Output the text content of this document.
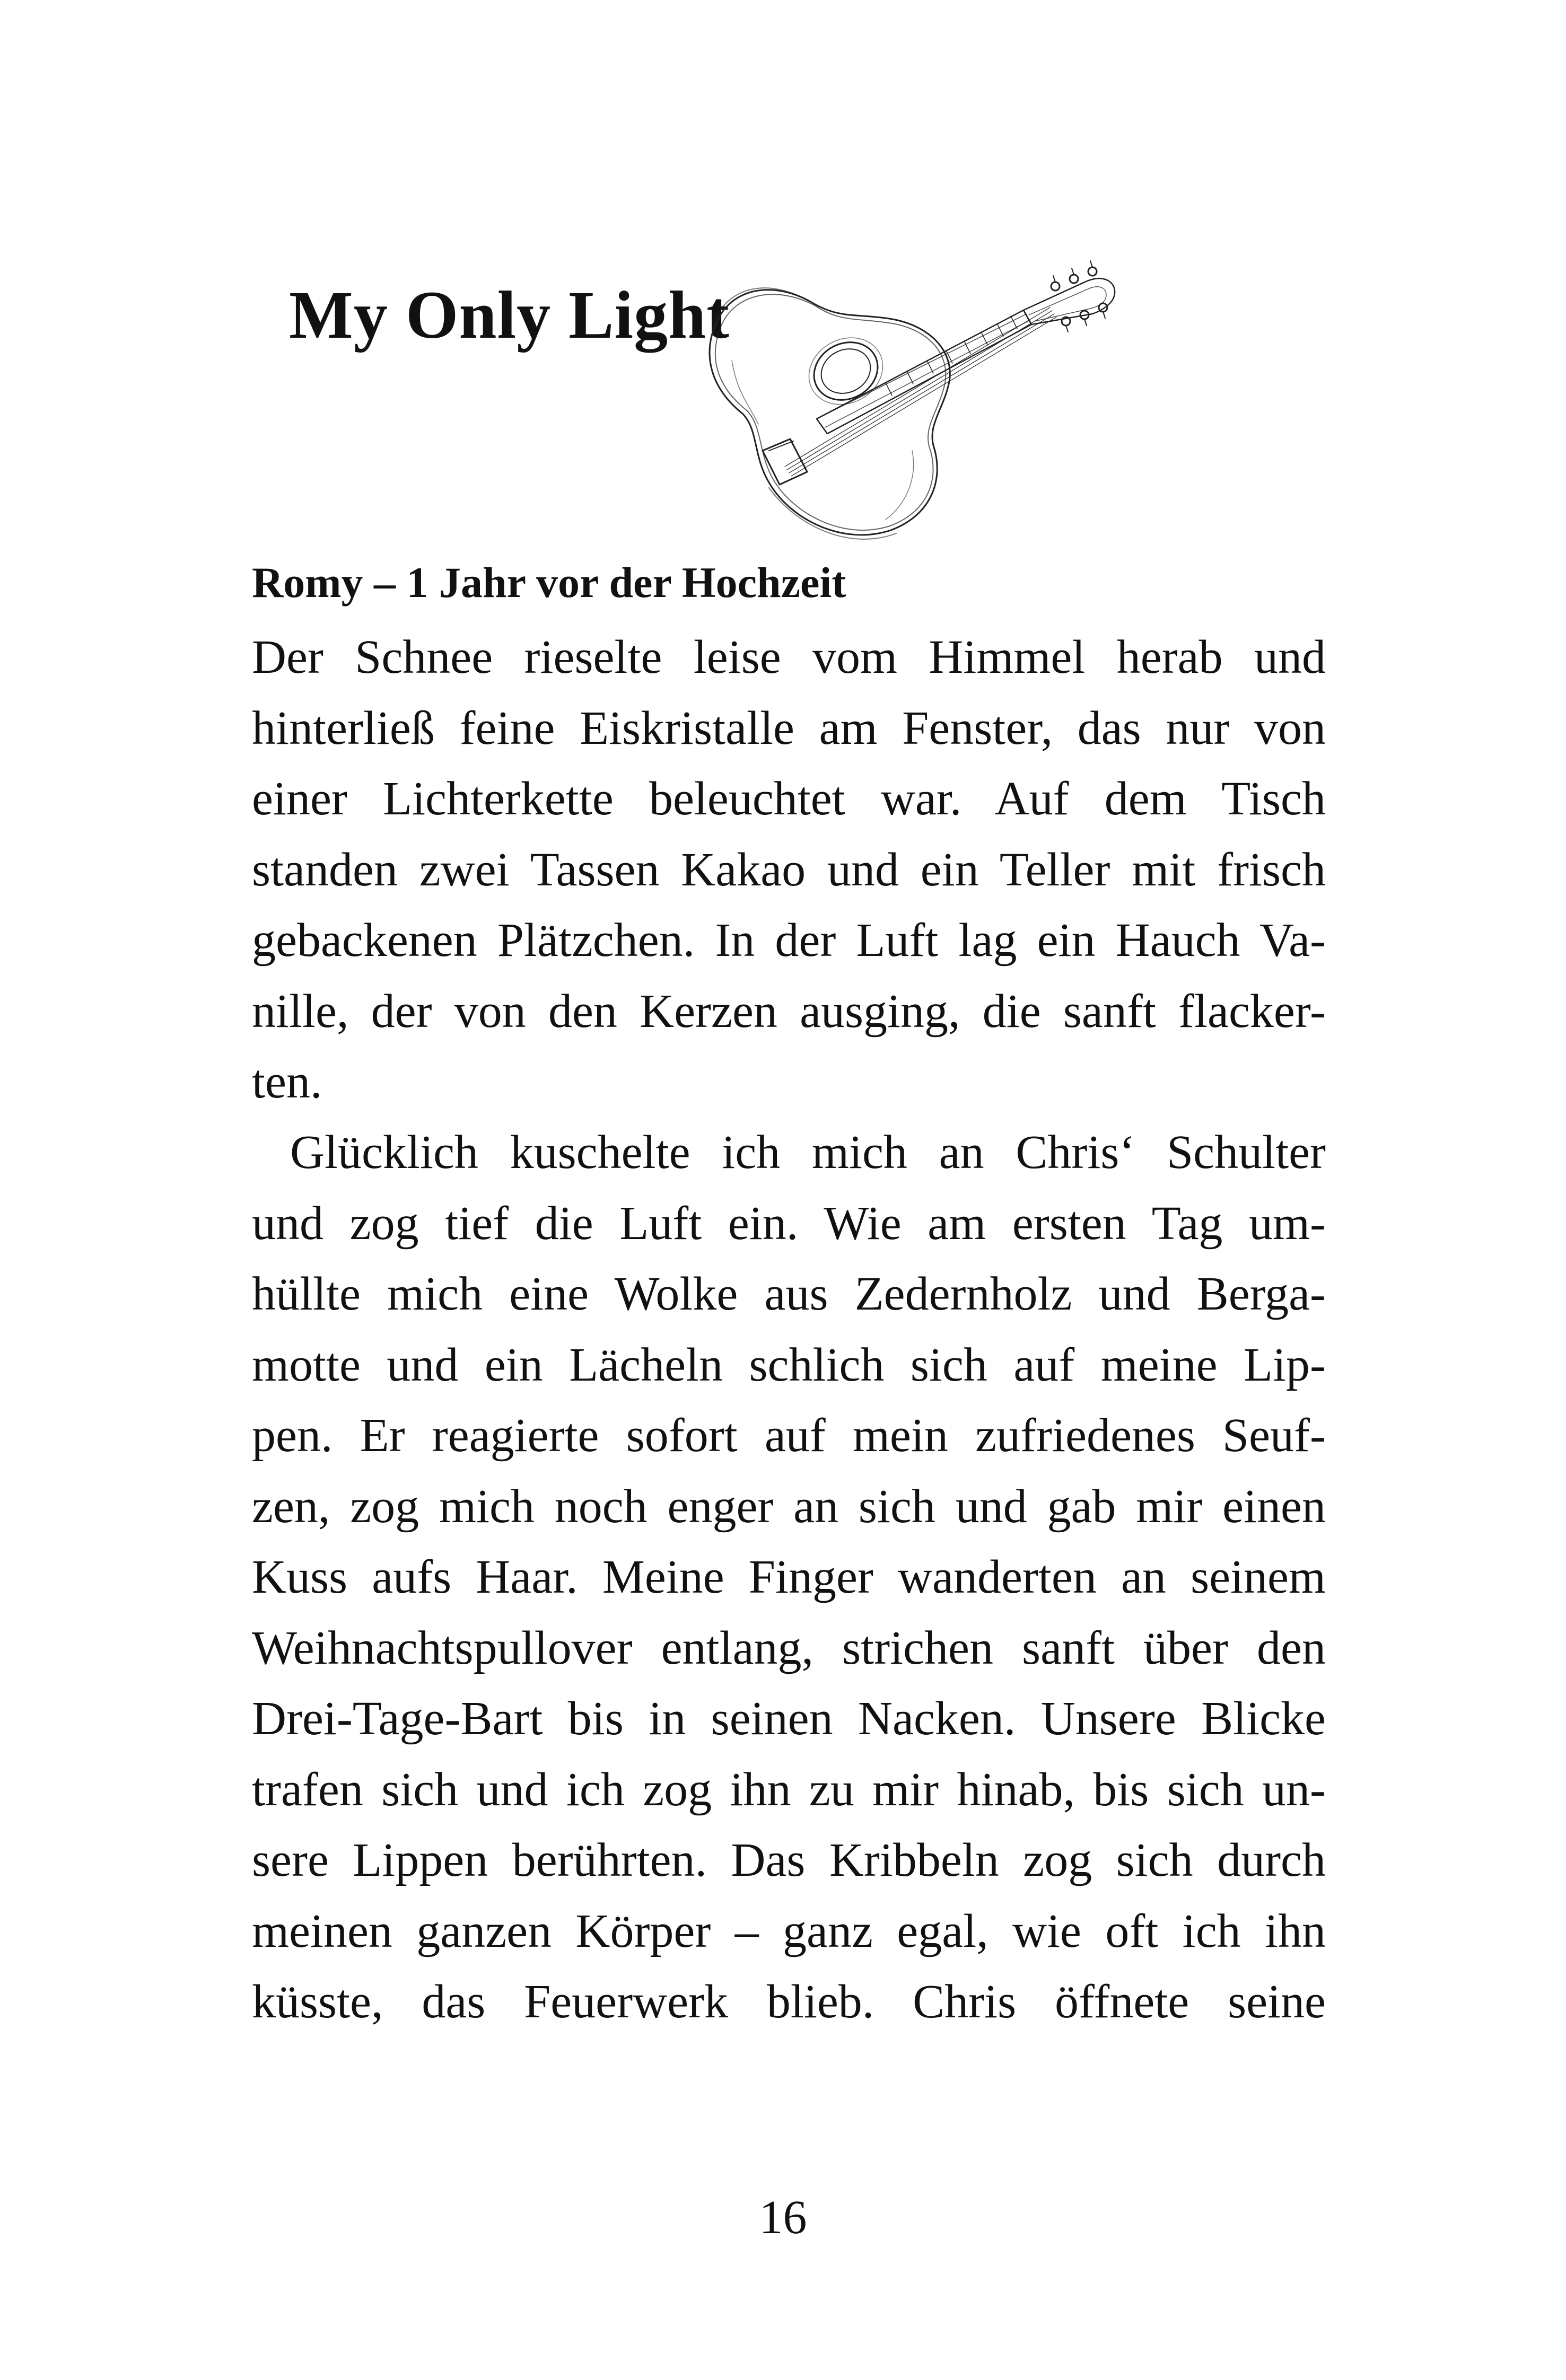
My Only Light
Romy – 1 Jahr vor der Hochzeit
Der Schnee rieselte leise vom Himmel herab und
hinterließ feine Eiskristalle am Fenster, das nur von
einer Lichterkette beleuchtet war. Auf dem Tisch
standen zwei Tassen Kakao und ein Teller mit frisch
gebackenen Plätzchen. In der Luft lag ein Hauch Va-
nille, der von den Kerzen ausging, die sanft flacker-
ten.
Glücklich kuschelte ich mich an Chris‘ Schulter
und zog tief die Luft ein. Wie am ersten Tag um-
hüllte mich eine Wolke aus Zedernholz und Berga-
motte und ein Lächeln schlich sich auf meine Lip-
pen. Er reagierte sofort auf mein zufriedenes Seuf-
zen, zog mich noch enger an sich und gab mir einen
Kuss aufs Haar. Meine Finger wanderten an seinem
Weihnachtspullover entlang, strichen sanft über den
Drei-Tage-Bart bis in seinen Nacken. Unsere Blicke
trafen sich und ich zog ihn zu mir hinab, bis sich un-
sere Lippen berührten. Das Kribbeln zog sich durch
meinen ganzen Körper – ganz egal, wie oft ich ihn
küsste, das Feuerwerk blieb. Chris öffnete seine
16
